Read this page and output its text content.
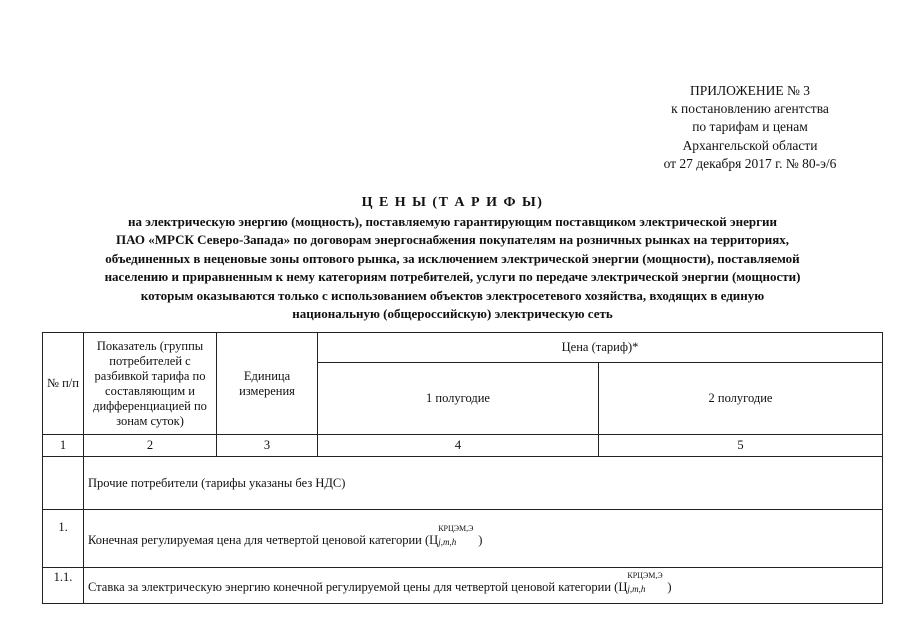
ПРИЛОЖЕНИЕ № 3
к постановлению агентства
по тарифам и ценам
Архангельской области
от 27 декабря 2017 г. № 80-э/6
Ц Е Н Ы (Т А Р И Ф Ы)
на электрическую энергию (мощность), поставляемую гарантирующим поставщиком электрической энергии
ПАО «МРСК Северо-Запада» по договорам энергоснабжения покупателям на розничных рынках на территориях,
объединенных в неценовые зоны оптового рынка, за исключением электрической энергии (мощности), поставляемой
населению и приравненным к нему категориям потребителей, услуги по передаче электрической энергии (мощности)
которым оказываются только с использованием объектов электросетевого хозяйства, входящих в единую
национальную (общероссийскую) электрическую сеть
№ п/п	Показатель (группы потребителей с разбивкой тарифа по составляющим и дифференциацией по зонам суток)	Единица измерения	Цена (тариф)*	
			1 полугодие	2 полугодие
1	2	3	4	5
	Прочие потребители (тарифы указаны без НДС)			
1.	Конечная регулируемая цена для четвертой ценовой категории (Ц
КРЦЭМ,Э
j,m,h )			
1.1.	Ставка за электрическую энергию конечной регулируемой цены для четвертой ценовой категории (Ц
КРЦЭМ,Э
j,m,h )			
